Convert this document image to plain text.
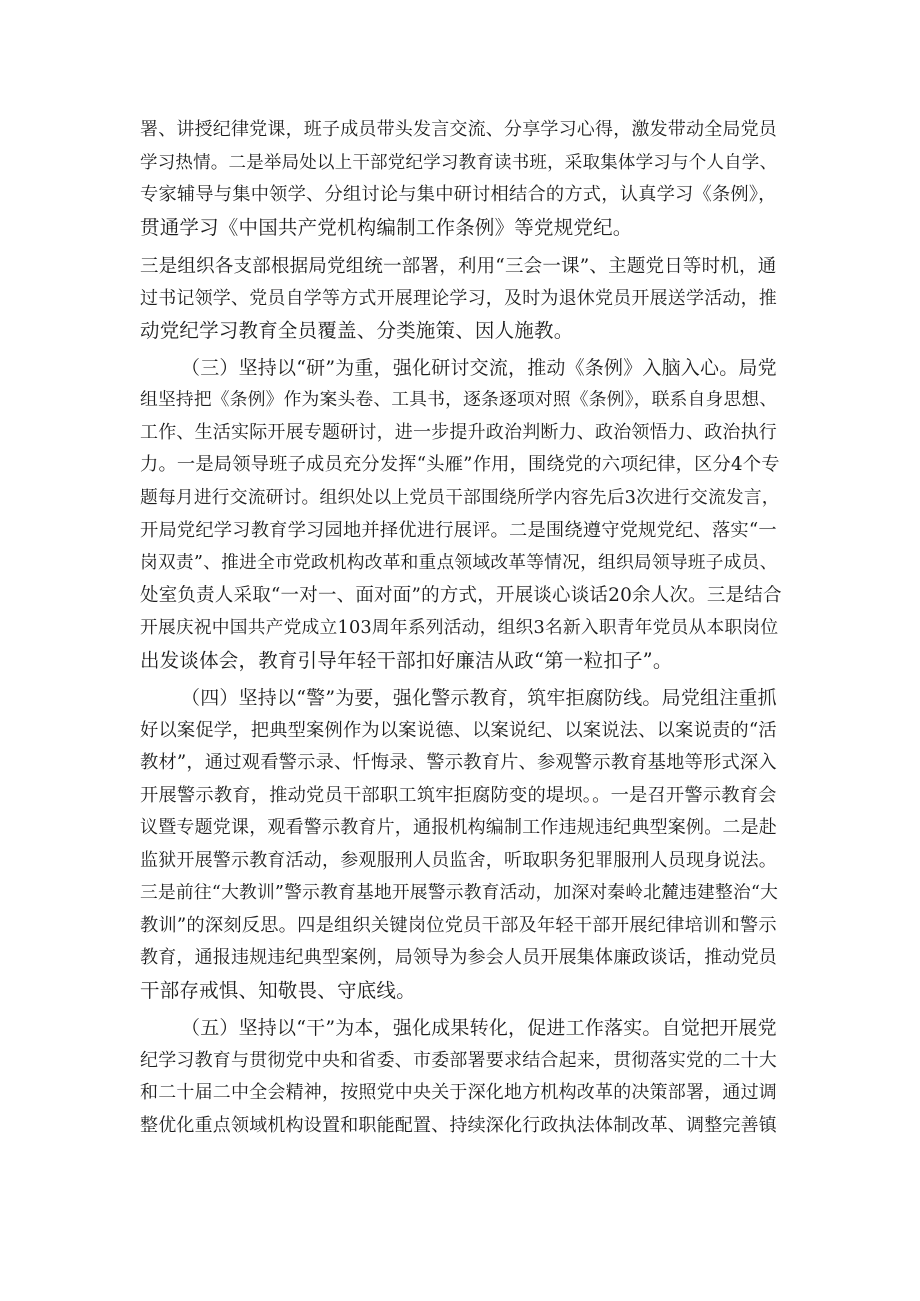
署、讲授纪律党课，班子成员带头发言交流、分享学习心得，激发带动全局党员
学习热情。二是举局处以上干部党纪学习教育读书班，采取集体学习与个人自学、
专家辅导与集中领学、分组讨论与集中研讨相结合的方式，认真学习《条例》，
贯通学习《中国共产党机构编制工作条例》等党规党纪。
三是组织各支部根据局党组统一部署，利用“三会一课”、主题党日等时机，通
过书记领学、党员自学等方式开展理论学习，及时为退休党员开展送学活动，推
动党纪学习教育全员覆盖、分类施策、因人施教。
（三）坚持以“研”为重，强化研讨交流，推动《条例》入脑入心。局党
组坚持把《条例》作为案头卷、工具书，逐条逐项对照《条例》，联系自身思想、
工作、生活实际开展专题研讨，进一步提升政治判断力、政治领悟力、政治执行
力。一是局领导班子成员充分发挥“头雁”作用，围绕党的六项纪律，区分4个专
题每月进行交流研讨。组织处以上党员干部围绕所学内容先后3次进行交流发言，
开局党纪学习教育学习园地并择优进行展评。二是围绕遵守党规党纪、落实“一
岗双责”、推进全市党政机构改革和重点领域改革等情况，组织局领导班子成员、
处室负责人采取“一对一、面对面”的方式，开展谈心谈话20余人次。三是结合
开展庆祝中国共产党成立103周年系列活动，组织3名新入职青年党员从本职岗位
出发谈体会，教育引导年轻干部扣好廉洁从政“第一粒扣子”。
（四）坚持以“警”为要，强化警示教育，筑牢拒腐防线。局党组注重抓
好以案促学，把典型案例作为以案说德、以案说纪、以案说法、以案说责的“活
教材”，通过观看警示录、忏悔录、警示教育片、参观警示教育基地等形式深入
开展警示教育，推动党员干部职工筑牢拒腐防变的堤坝。。一是召开警示教育会
议暨专题党课，观看警示教育片，通报机构编制工作违规违纪典型案例。二是赴
监狱开展警示教育活动，参观服刑人员监舍，听取职务犯罪服刑人员现身说法。
三是前往“大教训”警示教育基地开展警示教育活动，加深对秦岭北麓违建整治“大
教训”的深刻反思。四是组织关键岗位党员干部及年轻干部开展纪律培训和警示
教育，通报违规违纪典型案例，局领导为参会人员开展集体廉政谈话，推动党员
干部存戒惧、知敬畏、守底线。
（五）坚持以“干”为本，强化成果转化，促进工作落实。自觉把开展党
纪学习教育与贯彻党中央和省委、市委部署要求结合起来，贯彻落实党的二十大
和二十届二中全会精神，按照党中央关于深化地方机构改革的决策部署，通过调
整优化重点领域机构设置和职能配置、持续深化行政执法体制改革、调整完善镇
